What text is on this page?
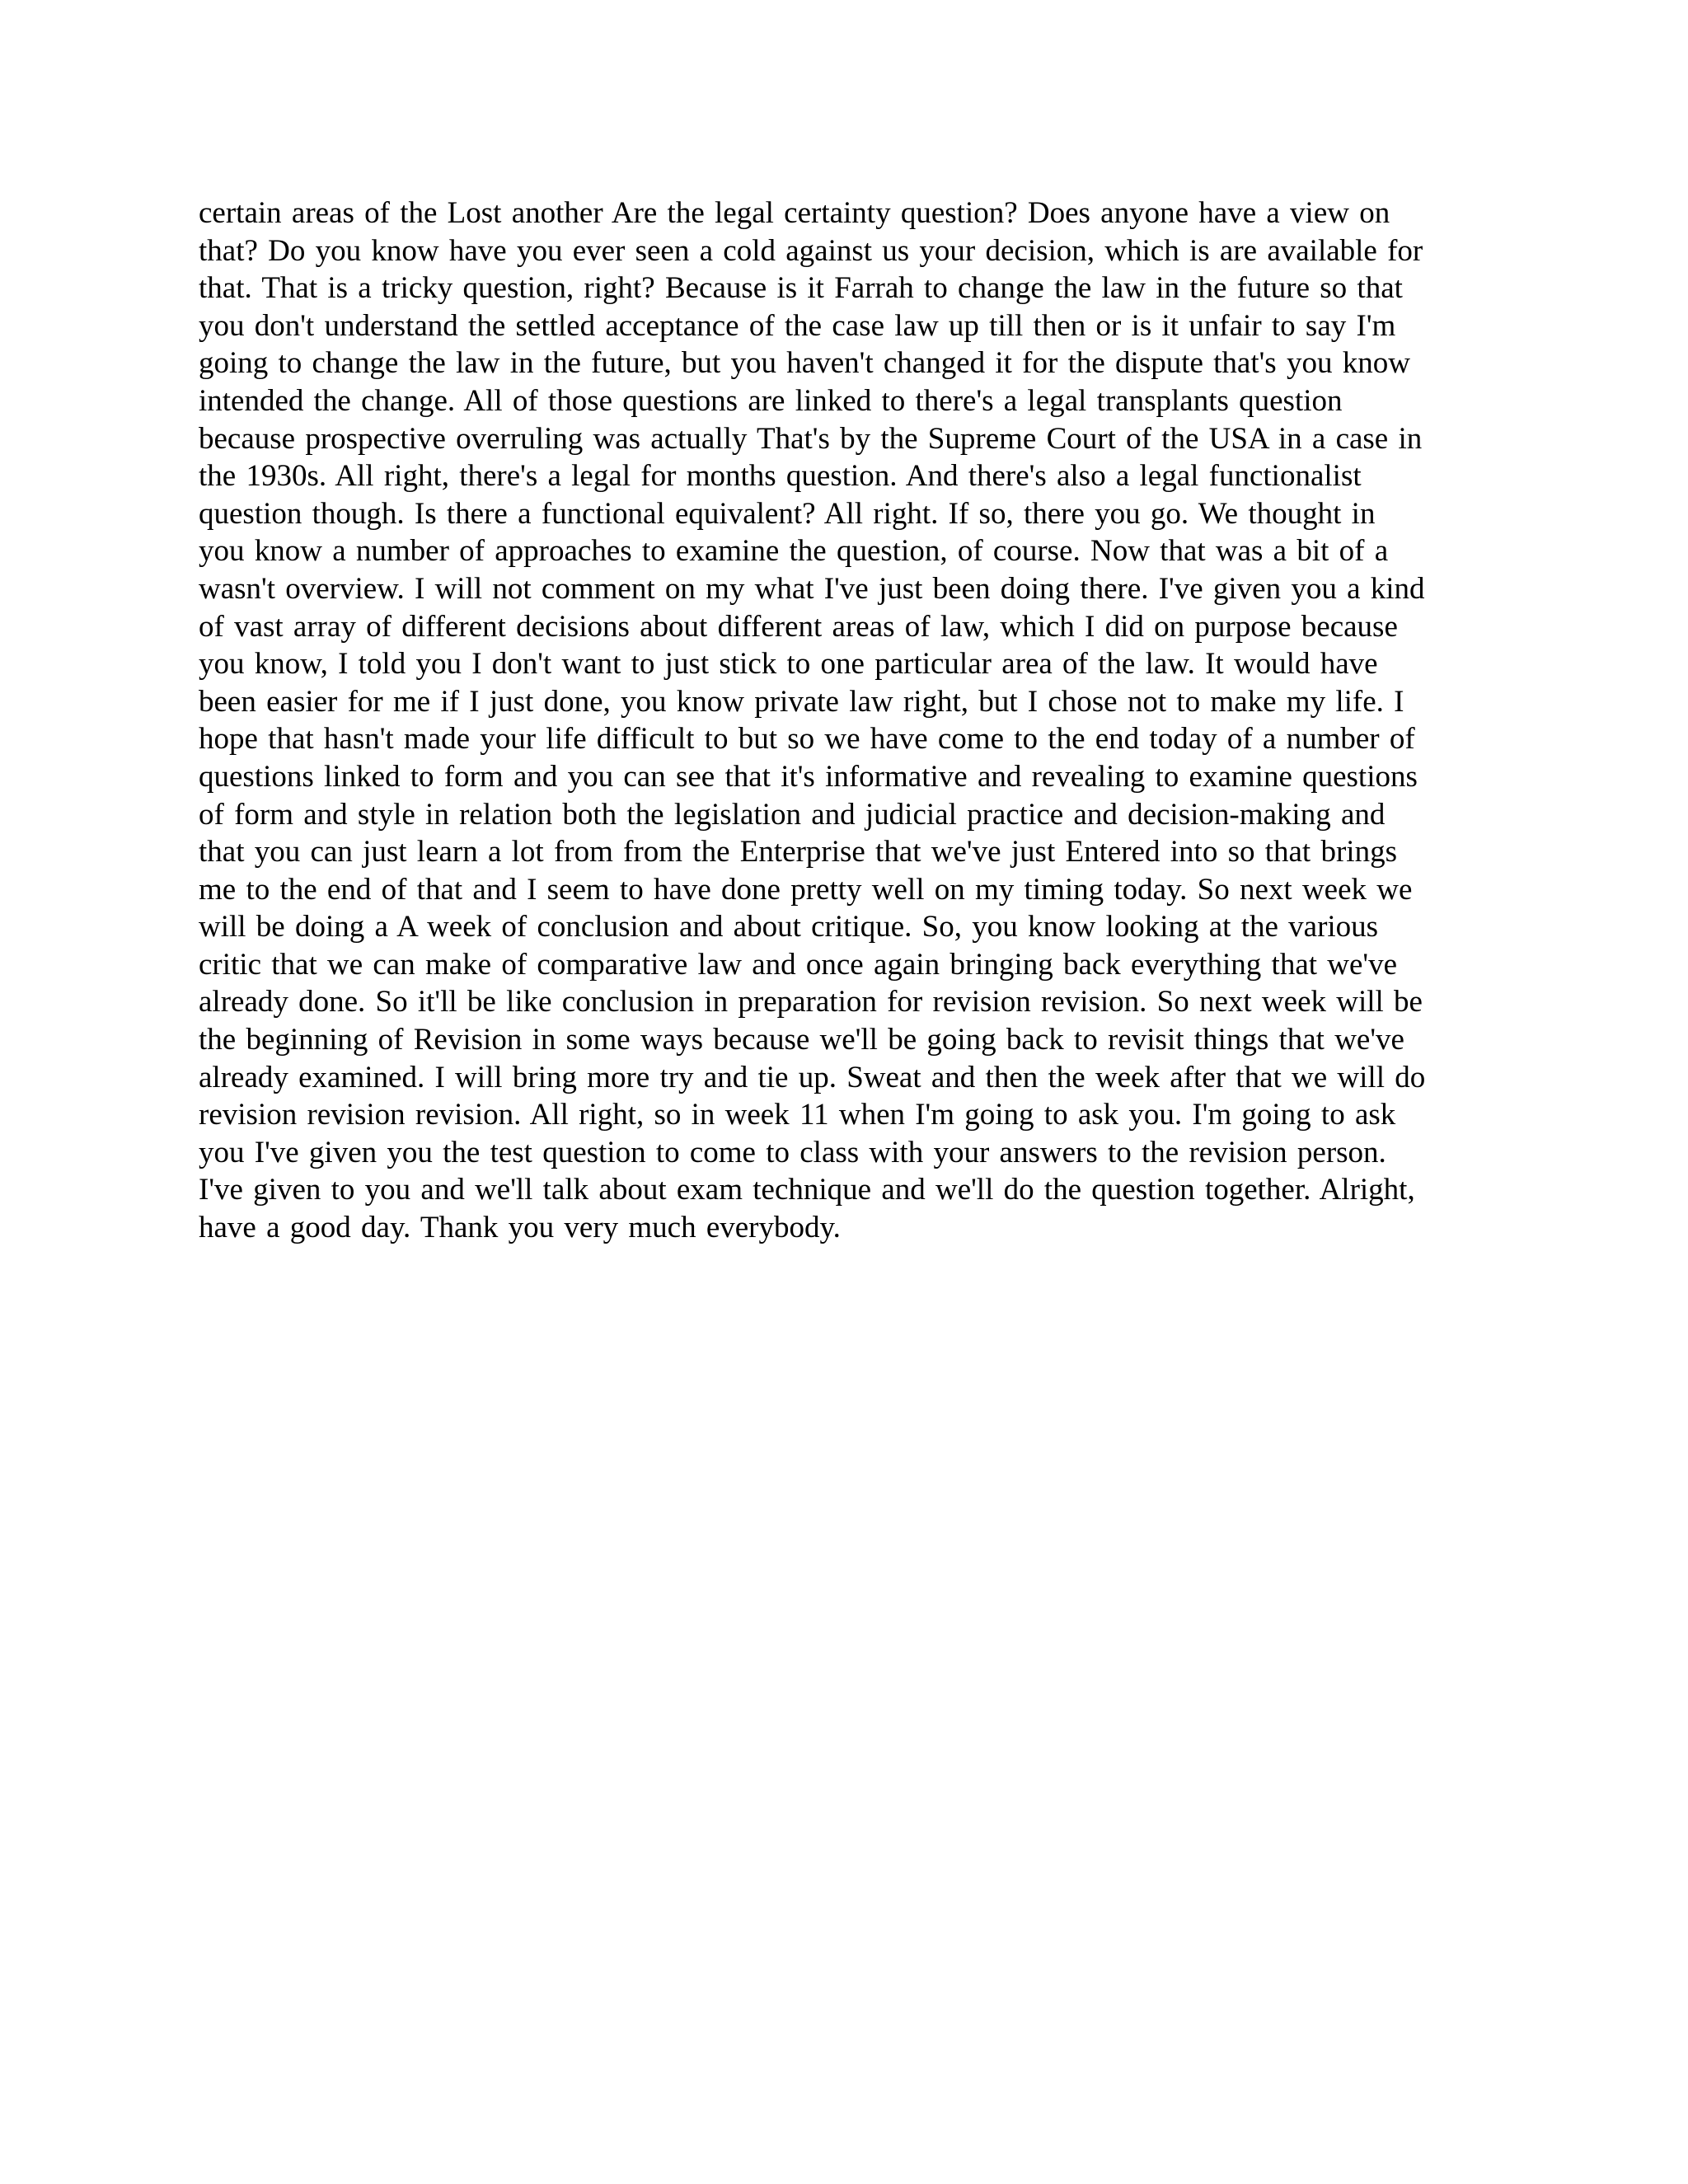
certain areas of the Lost another Are the legal certainty question? Does anyone have a view on
that? Do you know have you ever seen a cold against us your decision, which is are available for
that. That is a tricky question, right? Because is it Farrah to change the law in the future so that
you don't understand the settled acceptance of the case law up till then or is it unfair to say I'm
going to change the law in the future, but you haven't changed it for the dispute that's you know
intended the change. All of those questions are linked to there's a legal transplants question
because prospective overruling was actually That's by the Supreme Court of the USA in a case in
the 1930s. All right, there's a legal for months question. And there's also a legal functionalist
question though. Is there a functional equivalent? All right. If so, there you go. We thought in
you know a number of approaches to examine the question, of course. Now that was a bit of a
wasn't overview. I will not comment on my what I've just been doing there. I've given you a kind
of vast array of different decisions about different areas of law, which I did on purpose because
you know, I told you I don't want to just stick to one particular area of the law. It would have
been easier for me if I just done, you know private law right, but I chose not to make my life. I
hope that hasn't made your life difficult to but so we have come to the end today of a number of
questions linked to form and you can see that it's informative and revealing to examine questions
of form and style in relation both the legislation and judicial practice and decision-making and
that you can just learn a lot from from the Enterprise that we've just Entered into so that brings
me to the end of that and I seem to have done pretty well on my timing today. So next week we
will be doing a A week of conclusion and about critique. So, you know looking at the various
critic that we can make of comparative law and once again bringing back everything that we've
already done. So it'll be like conclusion in preparation for revision revision. So next week will be
the beginning of Revision in some ways because we'll be going back to revisit things that we've
already examined. I will bring more try and tie up. Sweat and then the week after that we will do
revision revision revision. All right, so in week 11 when I'm going to ask you. I'm going to ask
you I've given you the test question to come to class with your answers to the revision person.
I've given to you and we'll talk about exam technique and we'll do the question together. Alright,
have a good day. Thank you very much everybody.
